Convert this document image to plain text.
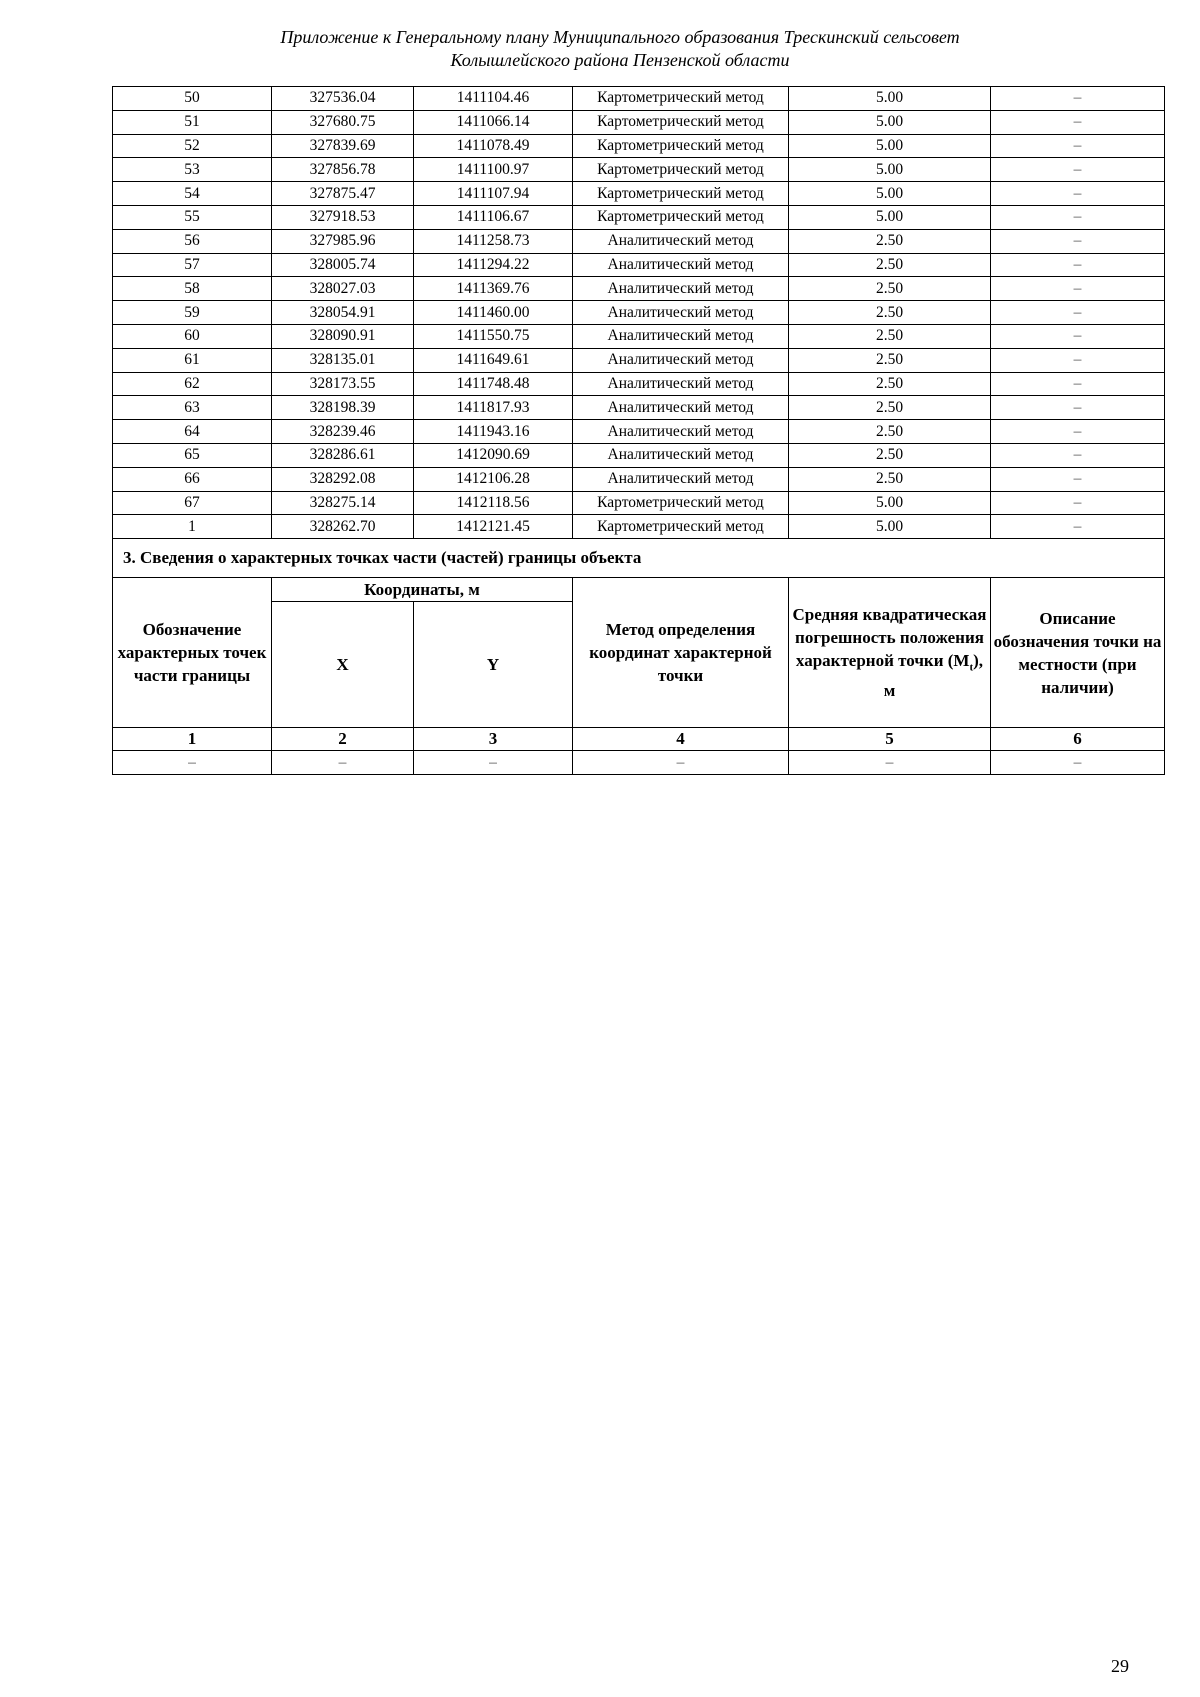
Приложение к Генеральному плану Муниципального образования Трескинский сельсовет
Колышлейского района Пензенской области
50	327536.04	1411104.46	Картометрический метод	5.00	–
51	327680.75	1411066.14	Картометрический метод	5.00	–
52	327839.69	1411078.49	Картометрический метод	5.00	–
53	327856.78	1411100.97	Картометрический метод	5.00	–
54	327875.47	1411107.94	Картометрический метод	5.00	–
55	327918.53	1411106.67	Картометрический метод	5.00	–
56	327985.96	1411258.73	Аналитический метод	2.50	–
57	328005.74	1411294.22	Аналитический метод	2.50	–
58	328027.03	1411369.76	Аналитический метод	2.50	–
59	328054.91	1411460.00	Аналитический метод	2.50	–
60	328090.91	1411550.75	Аналитический метод	2.50	–
61	328135.01	1411649.61	Аналитический метод	2.50	–
62	328173.55	1411748.48	Аналитический метод	2.50	–
63	328198.39	1411817.93	Аналитический метод	2.50	–
64	328239.46	1411943.16	Аналитический метод	2.50	–
65	328286.61	1412090.69	Аналитический метод	2.50	–
66	328292.08	1412106.28	Аналитический метод	2.50	–
67	328275.14	1412118.56	Картометрический метод	5.00	–
1	328262.70	1412121.45	Картометрический метод	5.00	–
3. Сведения о характерных точках части (частей) границы объекта					
Обозначение характерных точек части границы	Координаты, м		Метод определения координат характерной точки	Средняя квадратическая погрешность положения характерной точки $(M_t)$, м	Описание обозначения точки на местности (при наличии)
	X	Y			
1	2	3	4	5	6
–	–	–	–	–	–
29
